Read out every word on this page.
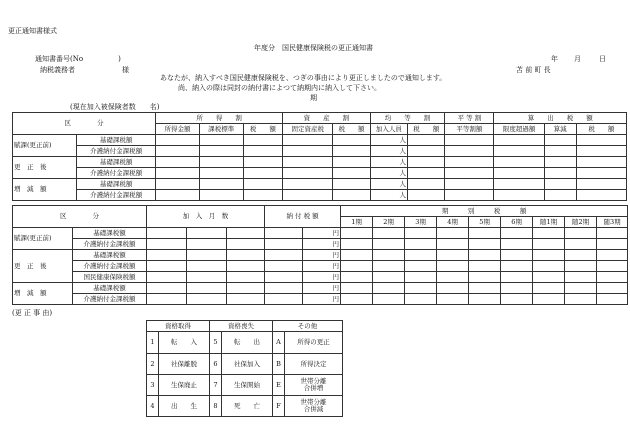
更正通知書様式
年度分　国民健康保険税の更正通知書
通知書番号(No　　　　　)
納税義務者	様
年 月	日
苫 前 町 長
あなたが、納入すべき国民健康保険税を、つぎの事由により更正しましたので通知します。
尚、納入の際は同封の納付書によつて納期内に納入して下さい。
期
(現在加入被保険者数　　名)
区　　　　分		所　　得　　割			資　　産　　割		均　　等　　割		平 等 割	算　　出　　税　　額		
		所得金額	課税標準	税　　額	固定資産税	税　　額	加入人員	税　　額	平等割額	限度超過額	算減	税　　額
賦課(更正前)	基礎課税額						人					
	介護納付金課税額						人					
更　正　後	基礎課税額						人					
	介護納付金課税額						人					
増　減　額	基礎課税額						人					
	介護納付金課税額						人					
区　　　　分		加　入　月　数			納 付 税 額		期　　　別　　　税　　　額								
							1期	2期	3期	4期	5期	6期	随1期	随2期	随3期
賦課(更正前)	基礎課税額					円									
	介護納付金課税額					円									
更　正　後	基礎課税額					円									
	介護納付金課税額					円									
	国民健康保険税額					円									
増　減　額	基礎課税額					円									
	介護納付金課税額					円									
(更 正 事 由)
資格取得		資格喪失		その他	
1	転　　入	5	転　　出	A	所得の更正
2	社保離脱	6	社保加入	B	所得決定
3	生保廃止	7	生保開始	E	世帯分離
合併増
4	出　　生	8	死　　亡	F	世帯分離
合併減
